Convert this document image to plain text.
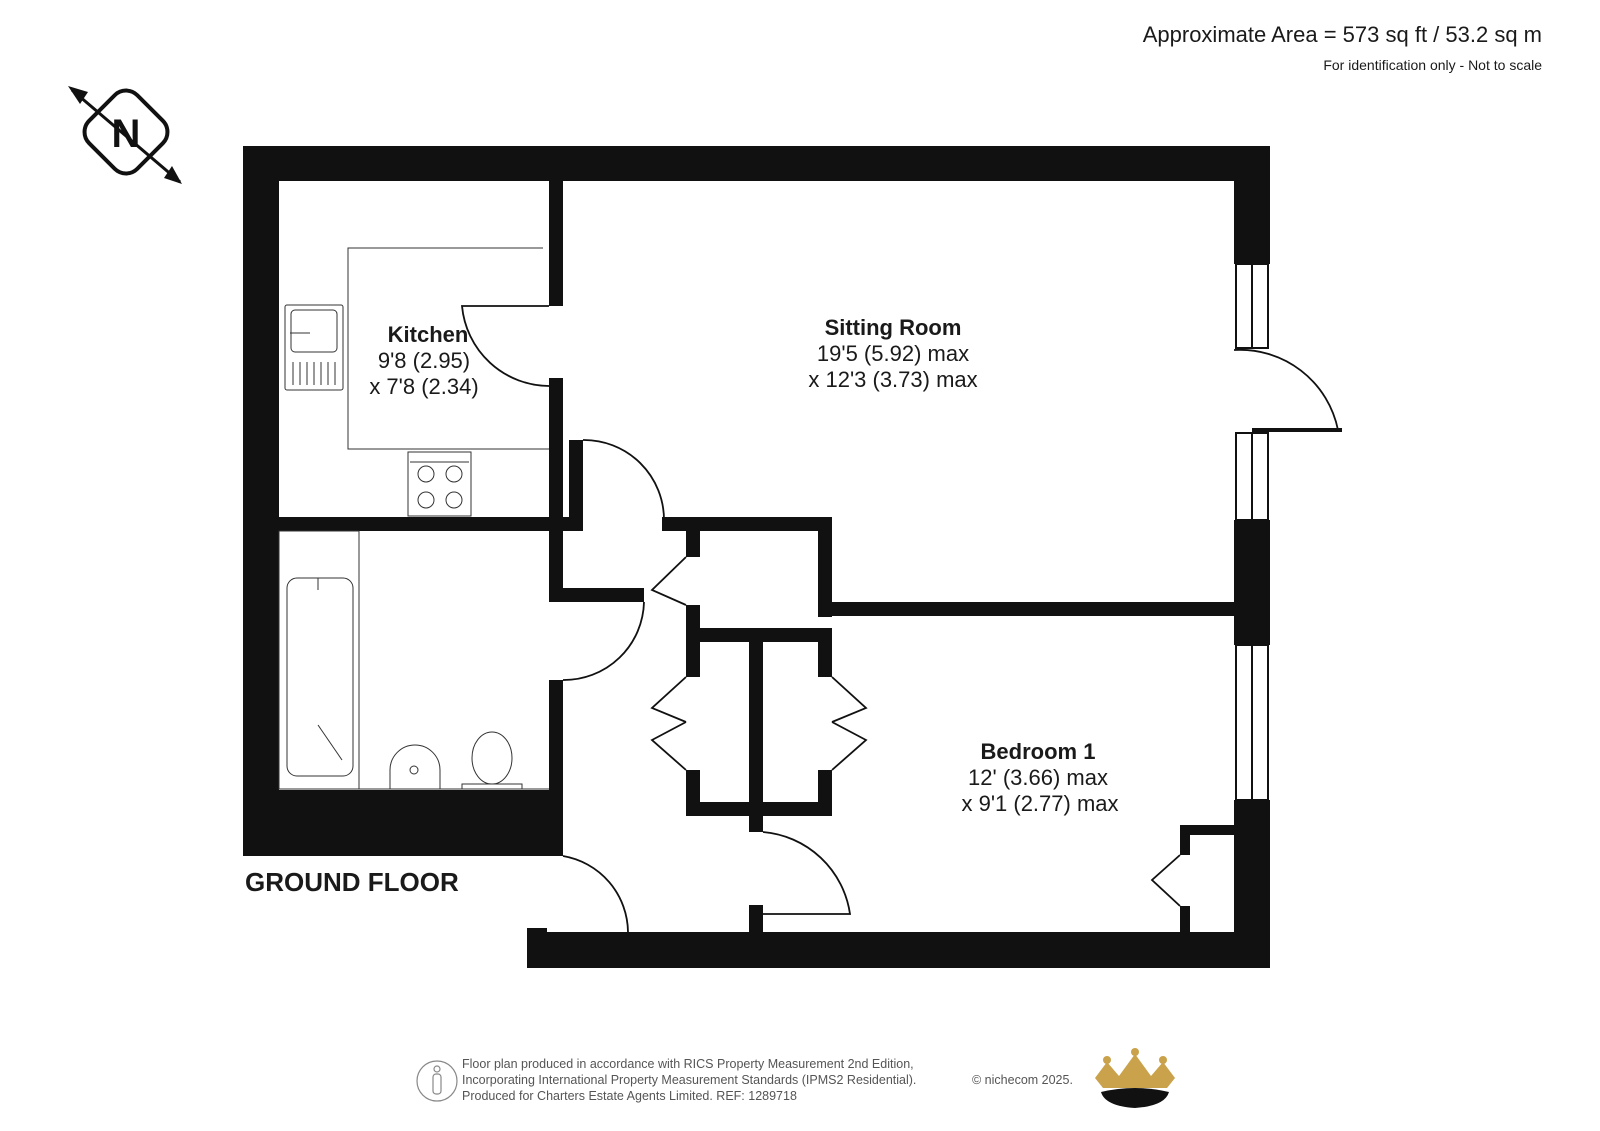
Approximate Area = 573 sq ft / 53.2 sq m
For identification only - Not to scale
N
Kitchen
9'8 (2.95)
x 7'8 (2.34)
Sitting Room
19'5 (5.92) max
x 12'3 (3.73) max
Bedroom 1
12' (3.66) max
x 9'1 (2.77) max
GROUND FLOOR
Floor plan produced in accordance with RICS Property Measurement 2nd Edition,
Incorporating International Property Measurement Standards (IPMS2 Residential).
Produced for Charters Estate Agents Limited. REF: 1289718
© nichecom 2025.
